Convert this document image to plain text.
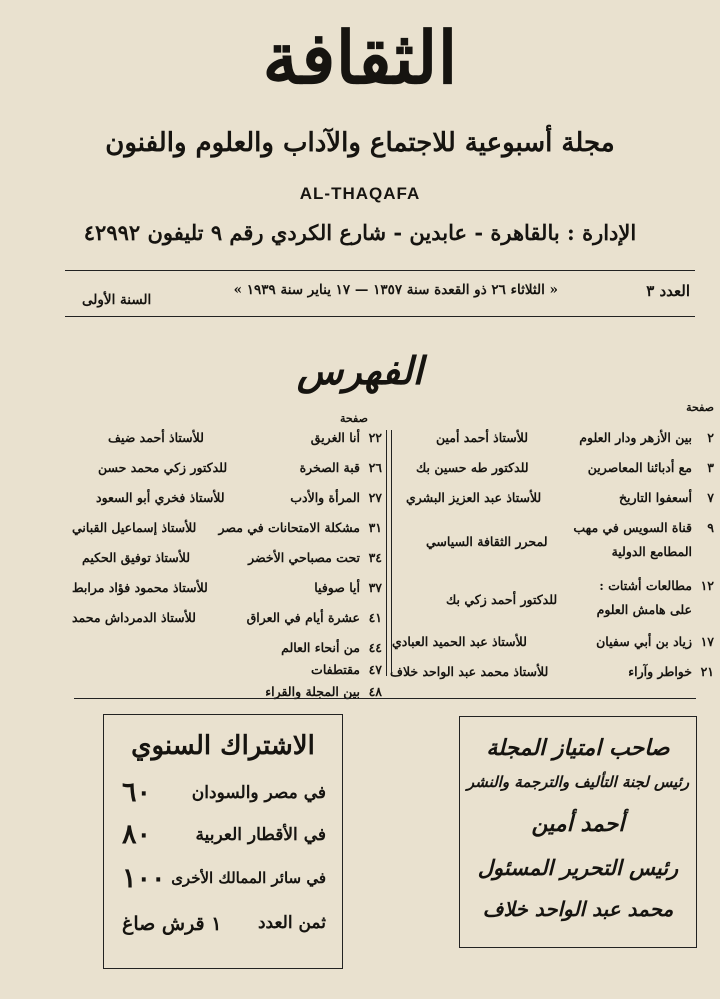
الثقافة
مجلة أسبوعية للاجتماع والآداب والعلوم والفنون
AL-THAQAFA
الإدارة : بالقاهرة - عابدين - شارع الكردي رقم ٩ تليفون ٤٢٩٩٢
العدد ٣
« الثلاثاء ٢٦ ذو القعدة سنة ١٣٥٧ — ١٧ يناير سنة ١٩٣٩ »
السنة الأولى
الفهرس
صفحة
صفحة
٢
بين الأزهر ودار العلوم
للأستاذ أحمد أمين
٣
مع أدبائنا المعاصرين
للدكتور طه حسين بك
٧
أسعفوا التاريخ
للأستاذ عبد العزيز البشري
٩
قناة السويس في مهب
المطامع الدولية
لمحرر الثقافة السياسي
١٢
مطالعات أشتات :
على هامش العلوم
للدكتور أحمد زكي بك
١٧
زياد بن أبي سفيان
للأستاذ عبد الحميد العبادي
٢١
خواطر وآراء
للأستاذ محمد عبد الواحد خلاف
٢٢
أنا الغريق
للأستاذ أحمد ضيف
٢٦
قبة الصخرة
للدكتور زكي محمد حسن
٢٧
المرأة والأدب
للأستاذ فخري أبو السعود
٣١
مشكلة الامتحانات في مصر
للأستاذ إسماعيل القباني
٣٤
تحت مصباحي الأخضر
للأستاذ توفيق الحكيم
٣٧
أيا صوفيا
للأستاذ محمود فؤاد مرابط
٤١
عشرة أيام في العراق
للأستاذ الدمرداش محمد
٤٤
من أنحاء العالم
٤٧
مقتطفات
٤٨
بين المجلة والقراء
الاشتراك السنوي
في مصر والسودان
٦٠
في الأقطار العربية
٨٠
في سائر الممالك الأخرى
١٠٠
ثمن العدد
١ قرش صاغ
صاحب امتياز المجلة
رئيس لجنة التأليف والترجمة والنشر
أحمد أمين
رئيس التحرير المسئول
محمد عبد الواحد خلاف
